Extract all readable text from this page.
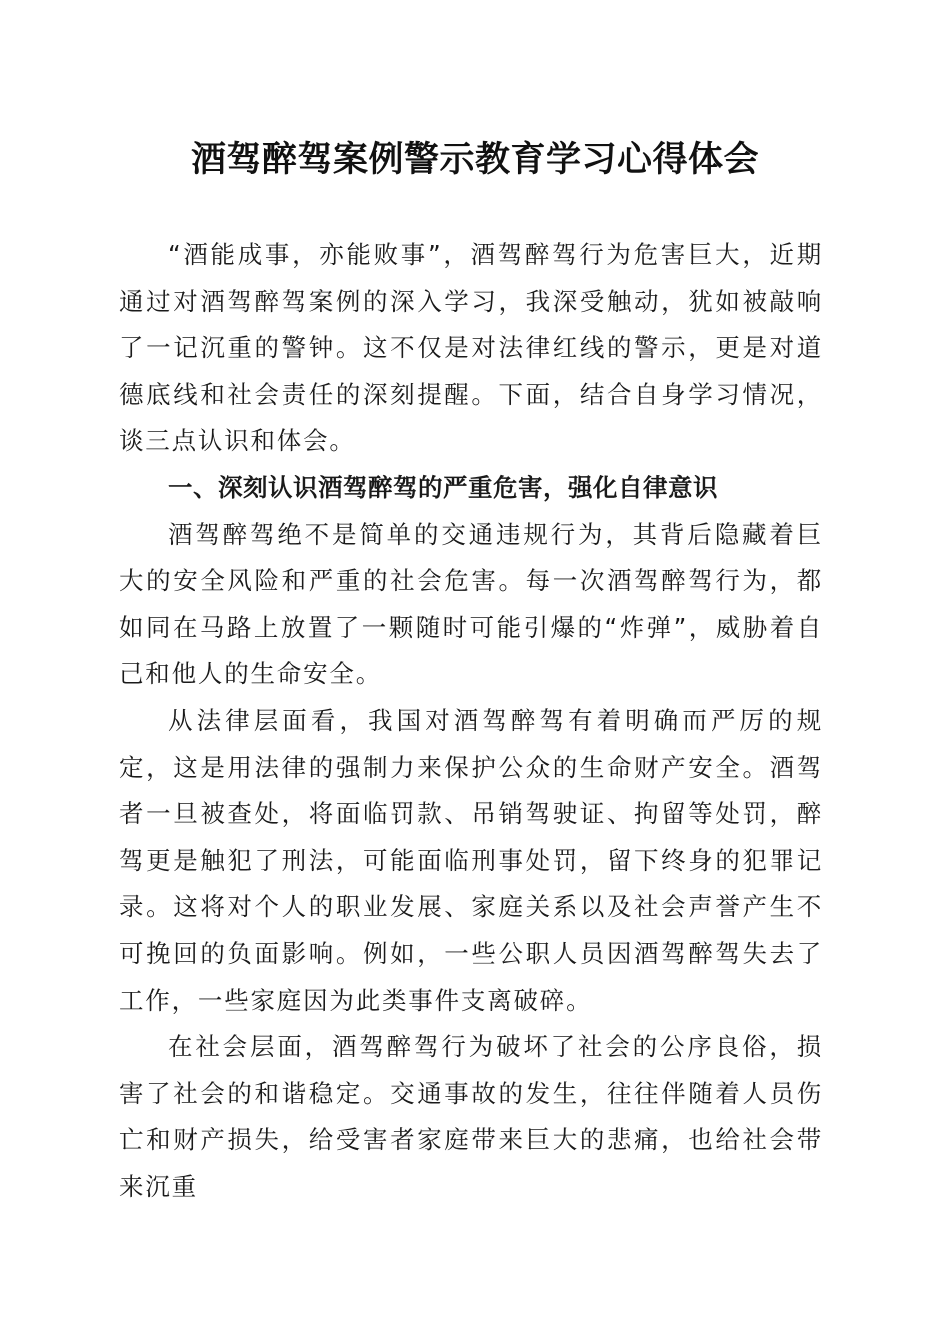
酒驾醉驾案例警示教育学习心得体会

“酒能成事，亦能败事”，酒驾醉驾行为危害巨大，近期通过对酒驾醉驾案例的深入学习，我深受触动，犹如被敲响了一记沉重的警钟。这不仅是对法律红线的警示，更是对道德底线和社会责任的深刻提醒。下面，结合自身学习情况，谈三点认识和体会。

一、深刻认识酒驾醉驾的严重危害，强化自律意识

酒驾醉驾绝不是简单的交通违规行为，其背后隐藏着巨大的安全风险和严重的社会危害。每一次酒驾醉驾行为，都如同在马路上放置了一颗随时可能引爆的“炸弹”，威胁着自己和他人的生命安全。

从法律层面看，我国对酒驾醉驾有着明确而严厉的规定，这是用法律的强制力来保护公众的生命财产安全。酒驾者一旦被查处，将面临罚款、吊销驾驶证、拘留等处罚，醉驾更是触犯了刑法，可能面临刑事处罚，留下终身的犯罪记录。这将对个人的职业发展、家庭关系以及社会声誉产生不可挽回的负面影响。例如，一些公职人员因酒驾醉驾失去了工作，一些家庭因为此类事件支离破碎。

在社会层面，酒驾醉驾行为破坏了社会的公序良俗，损害了社会的和谐稳定。交通事故的发生，往往伴随着人员伤亡和财产损失，给受害者家庭带来巨大的悲痛，也给社会带来沉重
